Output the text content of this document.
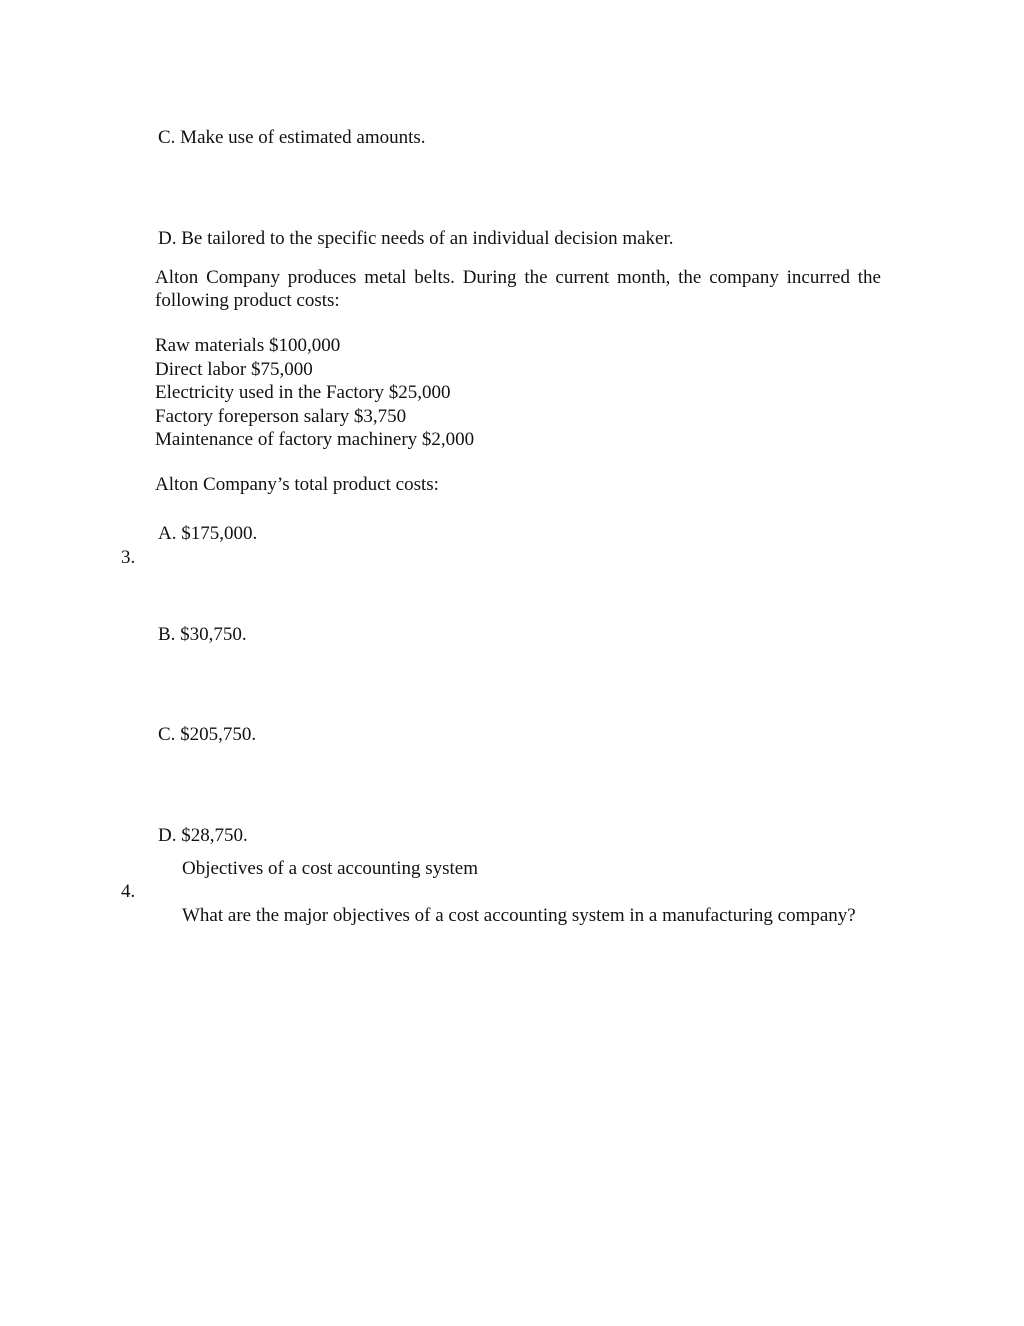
C. Make use of estimated amounts.
D. Be tailored to the specific needs of an individual decision maker.
Alton Company produces metal belts. During the current month, the company incurred the following product costs:
Raw materials $100,000
Direct labor $75,000
Electricity used in the Factory $25,000
Factory foreperson salary $3,750
Maintenance of factory machinery $2,000
Alton Company’s total product costs:
A. $175,000.
3.
B. $30,750.
C. $205,750.
D. $28,750.
Objectives of a cost accounting system
4.
What are the major objectives of a cost accounting system in a manufacturing company?
